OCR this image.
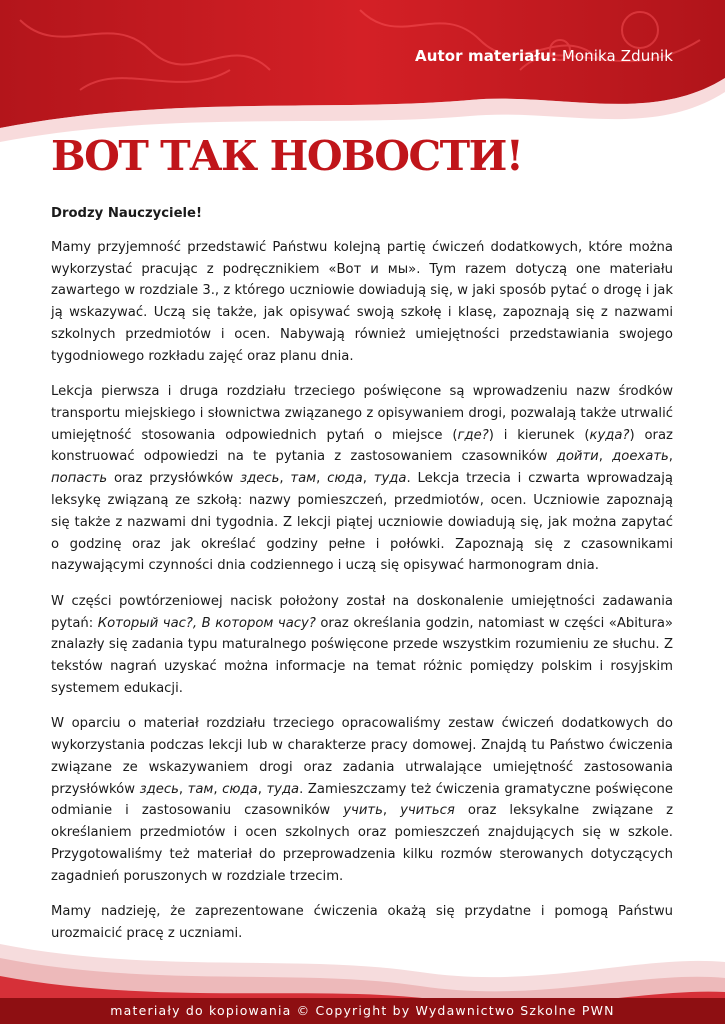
Autor materiału: Monika Zdunik
ВОТ ТАК НОВОСТИ!

Drodzy Nauczyciele!

Mamy przyjemność przedstawić Państwu kolejną partię ćwiczeń dodatkowych, które można wykorzystać pracując z podręcznikiem «Вот и мы». Tym razem dotyczą one materiału zawartego w rozdziale 3., z którego uczniowie dowiadują się, w jaki sposób pytać o drogę i jak ją wskazywać. Uczą się także, jak opisywać swoją szkołę i klasę, zapoznają się z nazwami szkolnych przedmiotów i ocen. Nabywają również umiejętności przedstawiania swojego tygodniowego rozkładu zajęć oraz planu dnia.

Lekcja pierwsza i druga rozdziału trzeciego poświęcone są wprowadzeniu nazw środków transportu miejskiego i słownictwa związanego z opisywaniem drogi, pozwalają także utrwalić umiejętność stosowania odpowiednich pytań o miejsce (где?) i kierunek (куда?) oraz konstruować odpowiedzi na te pytania z zastosowaniem czasowników дойти, доехать, попасть oraz przysłówków здесь, там, сюда, туда. Lekcja trzecia i czwarta wprowadzają leksykę związaną ze szkołą: nazwy pomieszczeń, przedmiotów, ocen. Uczniowie zapoznają się także z nazwami dni tygodnia. Z lekcji piątej uczniowie dowiadują się, jak można zapytać o godzinę oraz jak określać godziny pełne i połówki. Zapoznają się z czasownikami nazywającymi czynności dnia codziennego i uczą się opisywać harmonogram dnia.

W części powtórzeniowej nacisk położony został na doskonalenie umiejętności zadawania pytań: Который час?, В котором часу? oraz określania godzin, natomiast w części «Abitura» znalazły się zadania typu maturalnego poświęcone przede wszystkim rozumieniu ze słuchu. Z tekstów nagrań uzyskać można informacje na temat różnic pomiędzy polskim i rosyjskim systemem edukacji.

W oparciu o materiał rozdziału trzeciego opracowaliśmy zestaw ćwiczeń dodatkowych do wykorzystania podczas lekcji lub w charakterze pracy domowej. Znajdą tu Państwo ćwiczenia związane ze wskazywaniem drogi oraz zadania utrwalające umiejętność zastosowania przysłówków здесь, там, сюда, туда. Zamieszczamy też ćwiczenia gramatyczne poświęcone odmianie i zastosowaniu czasowników учить, учиться oraz leksykalne związane z określaniem przedmiotów i ocen szkolnych oraz pomieszczeń znajdujących się w szkole. Przygotowaliśmy też materiał do przeprowadzenia kilku rozmów sterowanych dotyczących zagadnień poruszonych w rozdziale trzecim.

Mamy nadzieję, że zaprezentowane ćwiczenia okażą się przydatne i pomogą Państwu urozmaicić pracę z uczniami.

materiały do kopiowania © Copyright by Wydawnictwo Szkolne PWN
